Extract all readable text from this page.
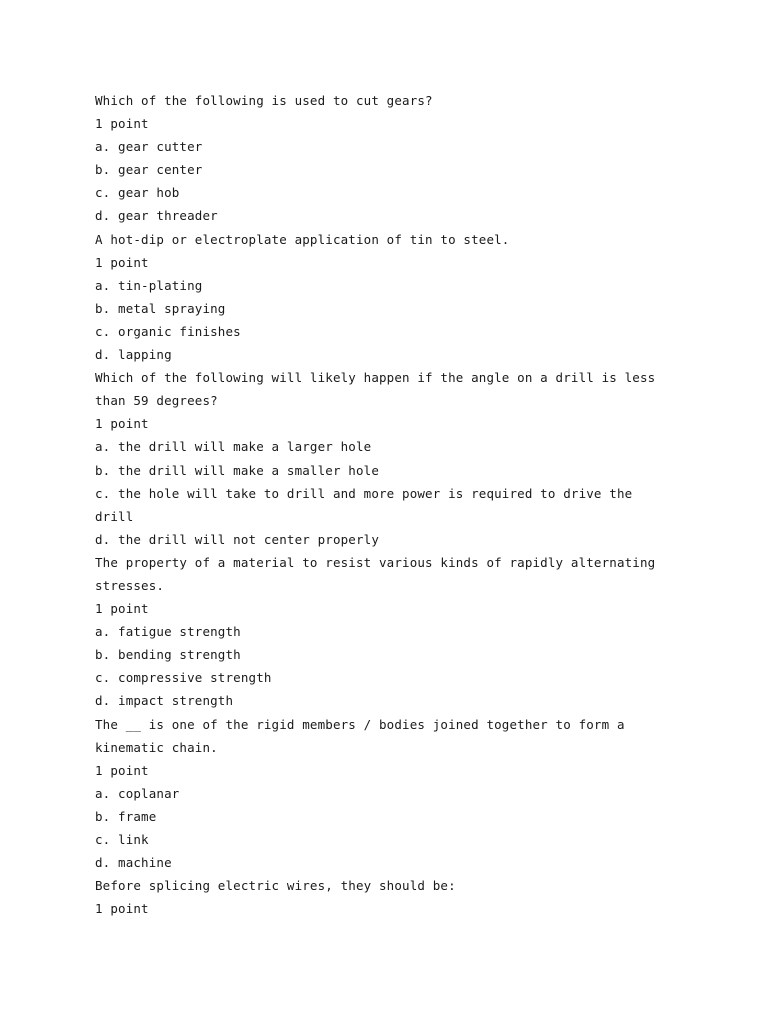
Which of the following is used to cut gears?

1 point

a. gear cutter

b. gear center

c. gear hob

d. gear threader

A hot-dip or electroplate application of tin to steel.

1 point

a. tin-plating

b. metal spraying

c. organic finishes

d. lapping

Which of the following will likely happen if the angle on a drill is less

than 59 degrees?

1 point

a. the drill will make a larger hole

b. the drill will make a smaller hole

c. the hole will take to drill and more power is required to drive the

drill

d. the drill will not center properly

The property of a material to resist various kinds of rapidly alternating

stresses.

1 point

a. fatigue strength

b. bending strength

c. compressive strength

d. impact strength

The __ is one of the rigid members / bodies joined together to form a

kinematic chain.

1 point

a. coplanar

b. frame

c. link

d. machine

Before splicing electric wires, they should be:

1 point
